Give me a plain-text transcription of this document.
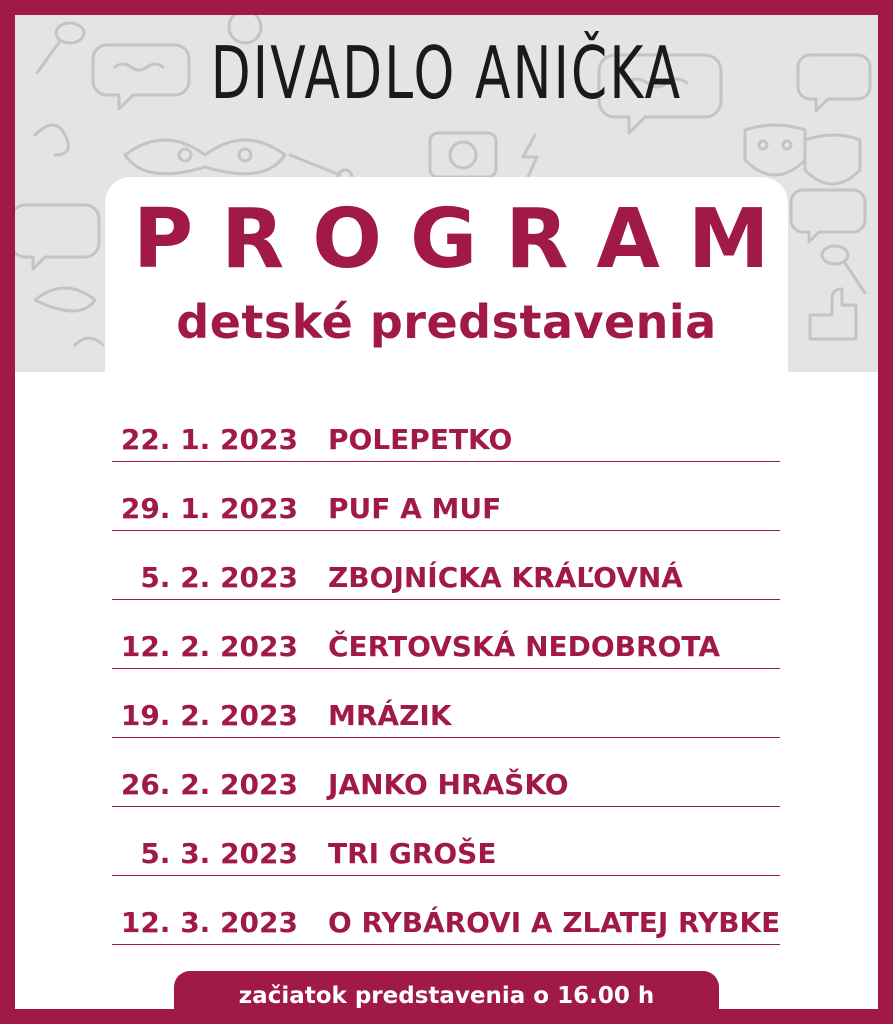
DIVADLO ANIČKA
PROGRAM
detské predstavenia
22. 1. 2023 POLEPETKO
29. 1. 2023 PUF A MUF
5. 2. 2023 ZBOJNÍCKA KRÁĽOVNÁ
12. 2. 2023 ČERTOVSKÁ NEDOBROTA
19. 2. 2023 MRÁZIK
26. 2. 2023 JANKO HRAŠKO
5. 3. 2023 TRI GROŠE
12. 3. 2023 O RYBÁROVI A ZLATEJ RYBKE
začiatok predstavenia o 16.00 h
